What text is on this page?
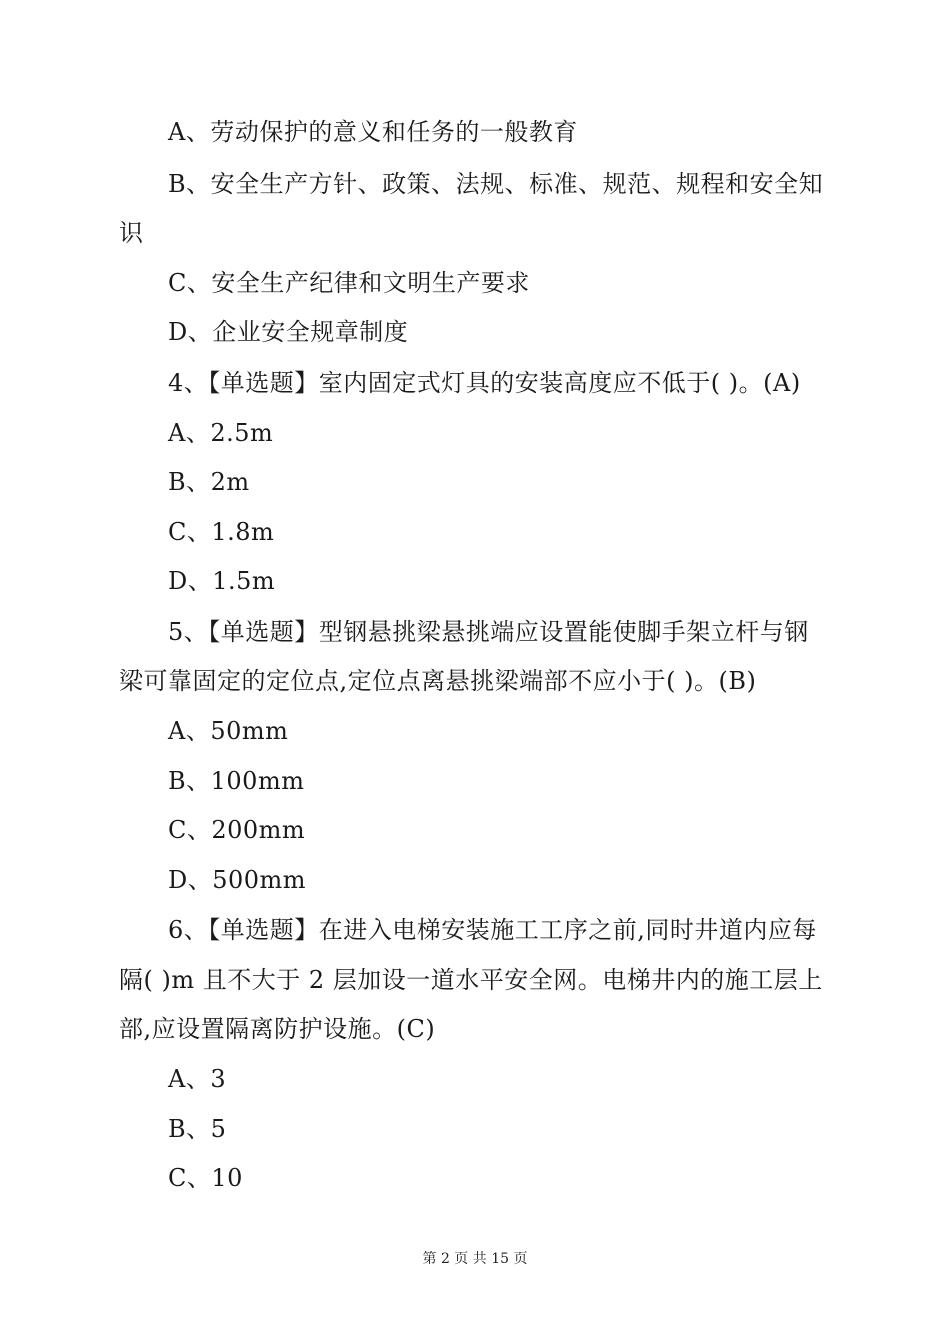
A、劳动保护的意义和任务的一般教育
B、安全生产方针、政策、法规、标准、规范、规程和安全知
识
C、安全生产纪律和文明生产要求
D、企业安全规章制度
4、【单选题】室内固定式灯具的安装高度应不低于( )。(A)
A、2.5m
B、2m
C、1.8m
D、1.5m
5、【单选题】型钢悬挑梁悬挑端应设置能使脚手架立杆与钢
梁可靠固定的定位点,定位点离悬挑梁端部不应小于( )。(B)
A、50mm
B、100mm
C、200mm
D、500mm
6、【单选题】在进入电梯安装施工工序之前,同时井道内应每
隔( )m 且不大于 2 层加设一道水平安全网。电梯井内的施工层上
部,应设置隔离防护设施。(C)
A、3
B、5
C、10
第 2 页 共 15 页
